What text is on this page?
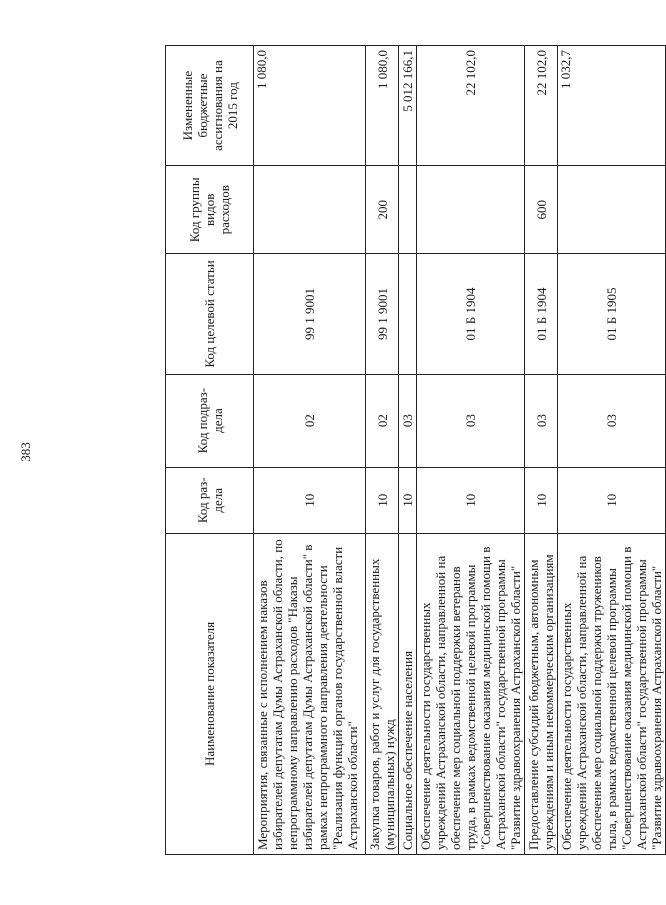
383
Наименование показателя	Код раз-дела	Код подраз-дела	Код целевой статьи	Код группы видов расходов	Измененные бюджетные ассигнования на 2015 год
Мероприятия, связанные с исполнением наказов избирателей депутатам Думы Астраханской области, по непрограммному направлению расходов "Наказы избирателей депутатам Думы Астраханской области" в рамках непрограммного направления деятельности "Реализация функций органов государственной власти Астраханской области"	10	02	99 1 9001		1 080,0
Закупка товаров, работ и услуг для государственных (муниципальных) нужд	10	02	99 1 9001	200	1 080,0
Социальное обеспечение населения	10	03			5 012 166,1
Обеспечение деятельности государственных учреждений Астраханской области, направленной на обеспечение мер социальной поддержки ветеранов труда, в рамках ведомственной целевой программы "Совершенствование оказания медицинской помощи в Астраханской области" государственной программы "Развитие здравоохранения Астраханской области"	10	03	01 Б 1904		22 102,0
Предоставление субсидий бюджетным, автономным учреждениям и иным некоммерческим организациям	10	03	01 Б 1904	600	22 102,0
Обеспечение деятельности государственных учреждений Астраханской области, направленной на обеспечение мер социальной поддержки тружеников тыла, в рамках ведомственной целевой программы "Совершенствование оказания медицинской помощи в Астраханской области" государственной программы "Развитие здравоохранения Астраханской области"	10	03	01 Б 1905		1 032,7
